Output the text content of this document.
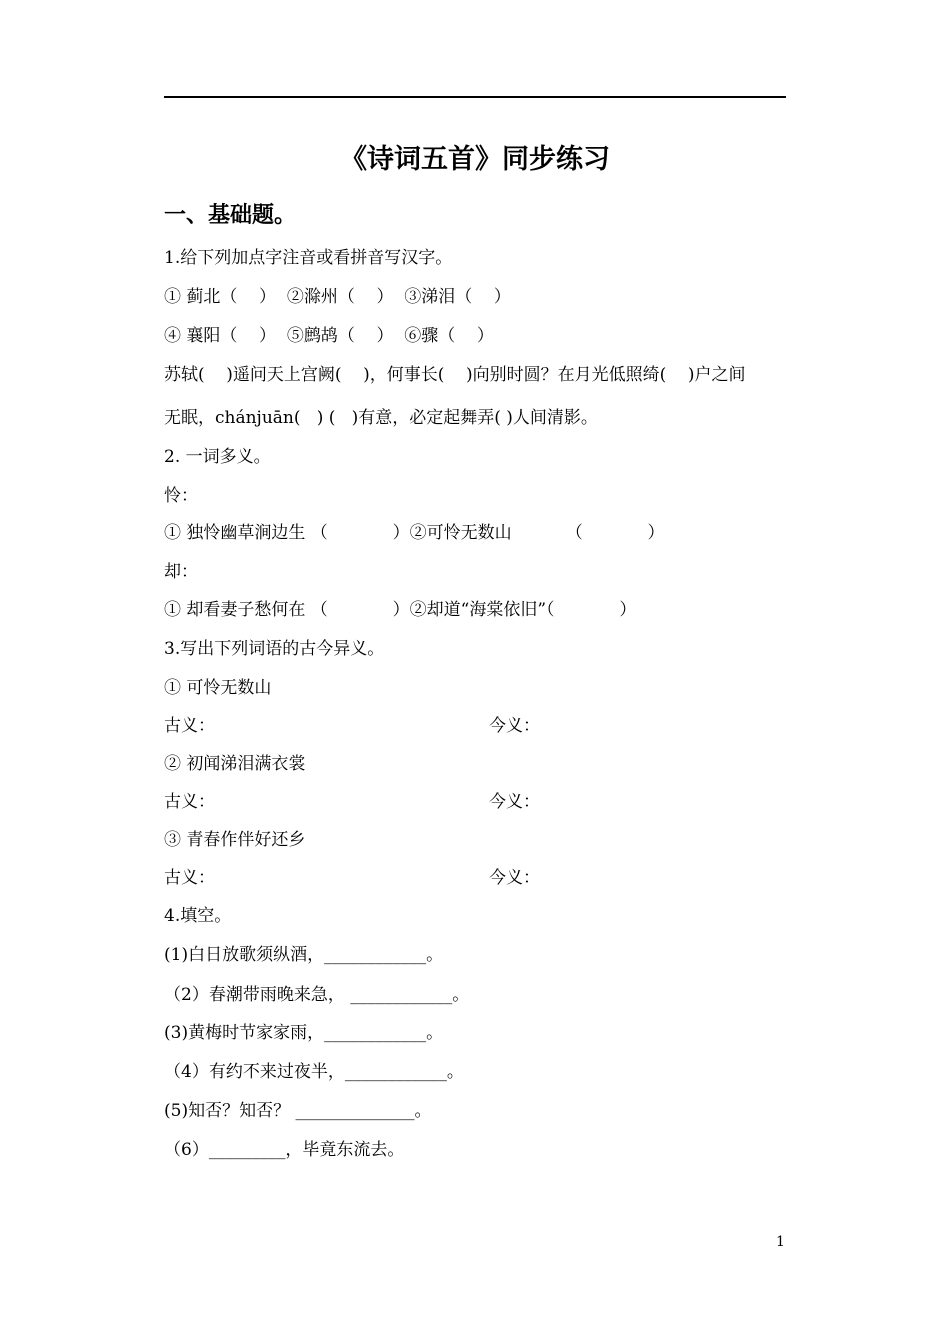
《诗词五首》同步练习
一、基础题。
1.给下列加点字注音或看拼音写汉字。
① 蓟北（    ）  ②滁州（    ）  ③涕泪（    ）
④ 襄阳（    ）  ⑤鹧鸪（    ）  ⑥骤（    ）
苏轼(    )遥问天上宫阙(    )，何事长(    )向别时圆？在月光低照绮(    )户之间
无眠，chánjuān(   ) (   )有意，必定起舞弄( )人间清影。
2. 一词多义。
怜：
① 独怜幽草涧边生 （            ）②可怜无数山          （            ）
却：
① 却看妻子愁何在 （            ）②却道“海棠依旧”（            ）
3.写出下列词语的古今异义。
① 可怜无数山
古义：	今义：
② 初闻涕泪满衣裳
古义：	今义：
③ 青春作伴好还乡
古义：	今义：
4.填空。
(1)白日放歌须纵酒，____________。
（2）春潮带雨晚来急， ____________。
(3)黄梅时节家家雨，____________。
（4）有约不来过夜半，____________。
(5)知否？知否？ ______________。
（6）_________，毕竟东流去。
1
